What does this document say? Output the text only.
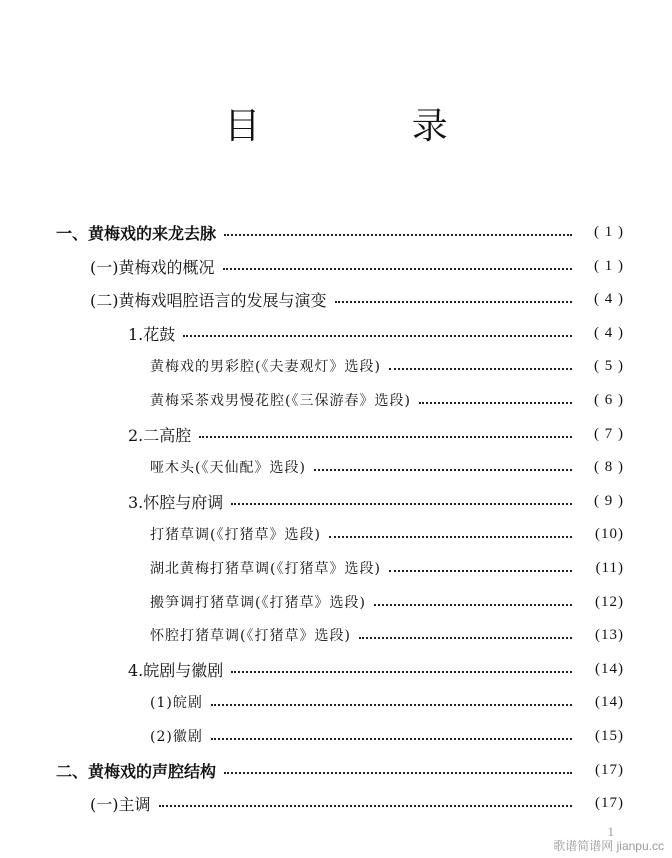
目 录
一、黄梅戏的来龙去脉	( 1 )
(一)黄梅戏的概况	( 1 )
(二)黄梅戏唱腔语言的发展与演变	( 4 )
1.花鼓	( 4 )
黄梅戏的男彩腔(《夫妻观灯》选段)	( 5 )
黄梅采茶戏男慢花腔(《三保游春》选段)	( 6 )
2.二高腔	( 7 )
哑木头(《天仙配》选段)	( 8 )
3.怀腔与府调	( 9 )
打猪草调(《打猪草》选段)	(10)
湖北黄梅打猪草调(《打猪草》选段)	(11)
搬笋调打猪草调(《打猪草》选段)	(12)
怀腔打猪草调(《打猪草》选段)	(13)
4.皖剧与徽剧	(14)
(1)皖剧	(14)
(2)徽剧	(15)
二、黄梅戏的声腔结构	(17)
(一)主调	(17)
1
歌谱简谱网 jianpu.cc
